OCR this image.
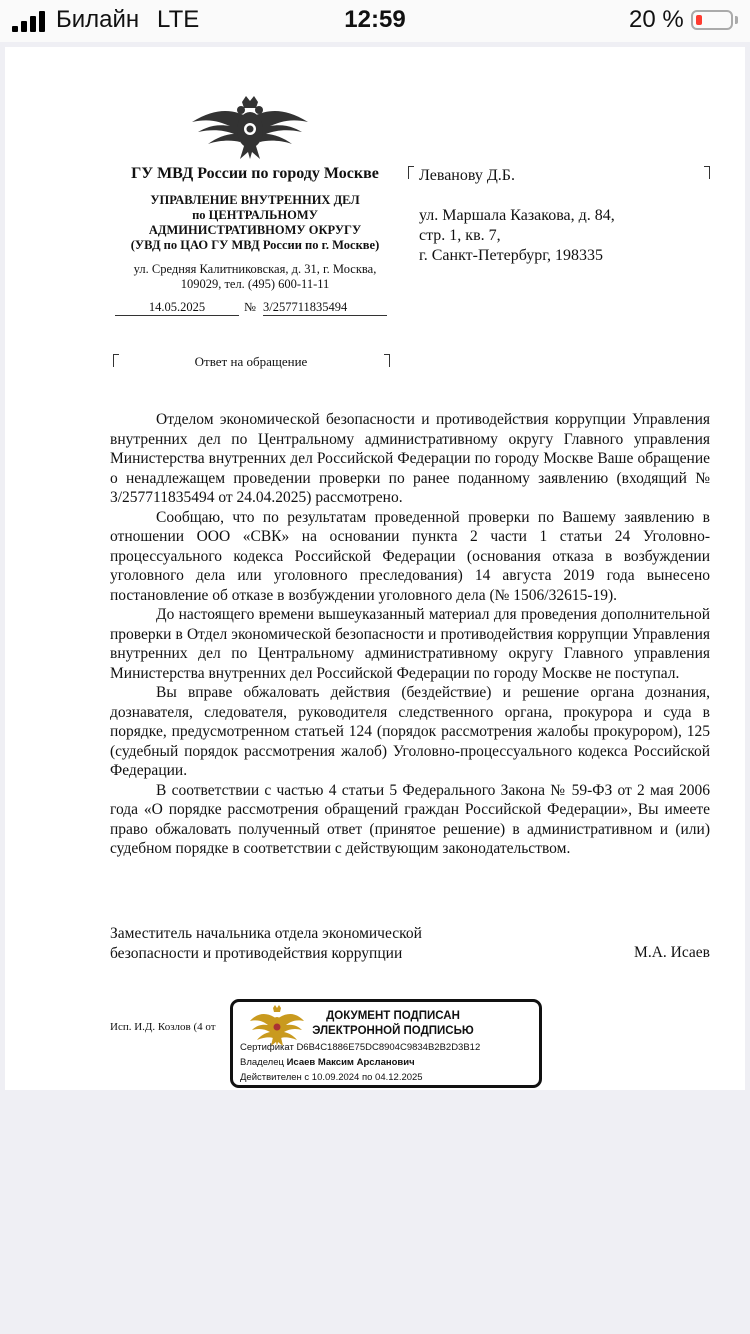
Билайн LTE	12:59	20 %
ГУ МВД России по городу Москве
УПРАВЛЕНИЕ ВНУТРЕННИХ ДЕЛ
по ЦЕНТРАЛЬНОМУ
АДМИНИСТРАТИВНОМУ ОКРУГУ
(УВД по ЦАО ГУ МВД России по г. Москве)
ул. Средняя Калитниковская, д. 31, г. Москва,
109029, тел. (495) 600-11-11
14.05.2025	№ 3/257711835494
Ответ на обращение
Леванову Д.Б.
ул. Маршала Казакова, д. 84,
стр. 1, кв. 7,
г. Санкт-Петербург, 198335

Отделом экономической безопасности и противодействия коррупции Управления внутренних дел по Центральному административному округу Главного управления Министерства внутренних дел Российской Федерации по городу Москве Ваше обращение о ненадлежащем проведении проверки по ранее поданному заявлению (входящий № 3/257711835494 от 24.04.2025) рассмотрено.

Сообщаю, что по результатам проведенной проверки по Вашему заявлению в отношении ООО «СВК» на основании пункта 2 части 1 статьи 24 Уголовно-процессуального кодекса Российской Федерации (основания отказа в возбуждении уголовного дела или уголовного преследования) 14 августа 2019 года вынесено постановление об отказе в возбуждении уголовного дела (№ 1506/32615-19).

До настоящего времени вышеуказанный материал для проведения дополнительной проверки в Отдел экономической безопасности и противодействия коррупции Управления внутренних дел по Центральному административному округу Главного управления Министерства внутренних дел Российской Федерации по городу Москве не поступал.

Вы вправе обжаловать действия (бездействие) и решение органа дознания, дознавателя, следователя, руководителя следственного органа, прокурора и суда в порядке, предусмотренном статьей 124 (порядок рассмотрения жалобы прокурором), 125 (судебный порядок рассмотрения жалоб) Уголовно-процессуального кодекса Российской Федерации.

В соответствии с частью 4 статьи 5 Федерального Закона № 59-ФЗ от 2 мая 2006 года «О порядке рассмотрения обращений граждан Российской Федерации», Вы имеете право обжаловать полученный ответ (принятое решение) в административном и (или) судебном порядке в соответствии с действующим законодательством.

Заместитель начальника отдела экономической
безопасности и противодействия коррупции	М.А. Исаев
Исп. И.Д. Козлов (4 от
ДОКУМЕНТ ПОДПИСАН
ЭЛЕКТРОННОЙ ПОДПИСЬЮ
Сертификат D6B4C1886E75DC8904C9834B2B2D3B12
Владелец Исаев Максим Арсланович
Действителен с 10.09.2024 по 04.12.2025
